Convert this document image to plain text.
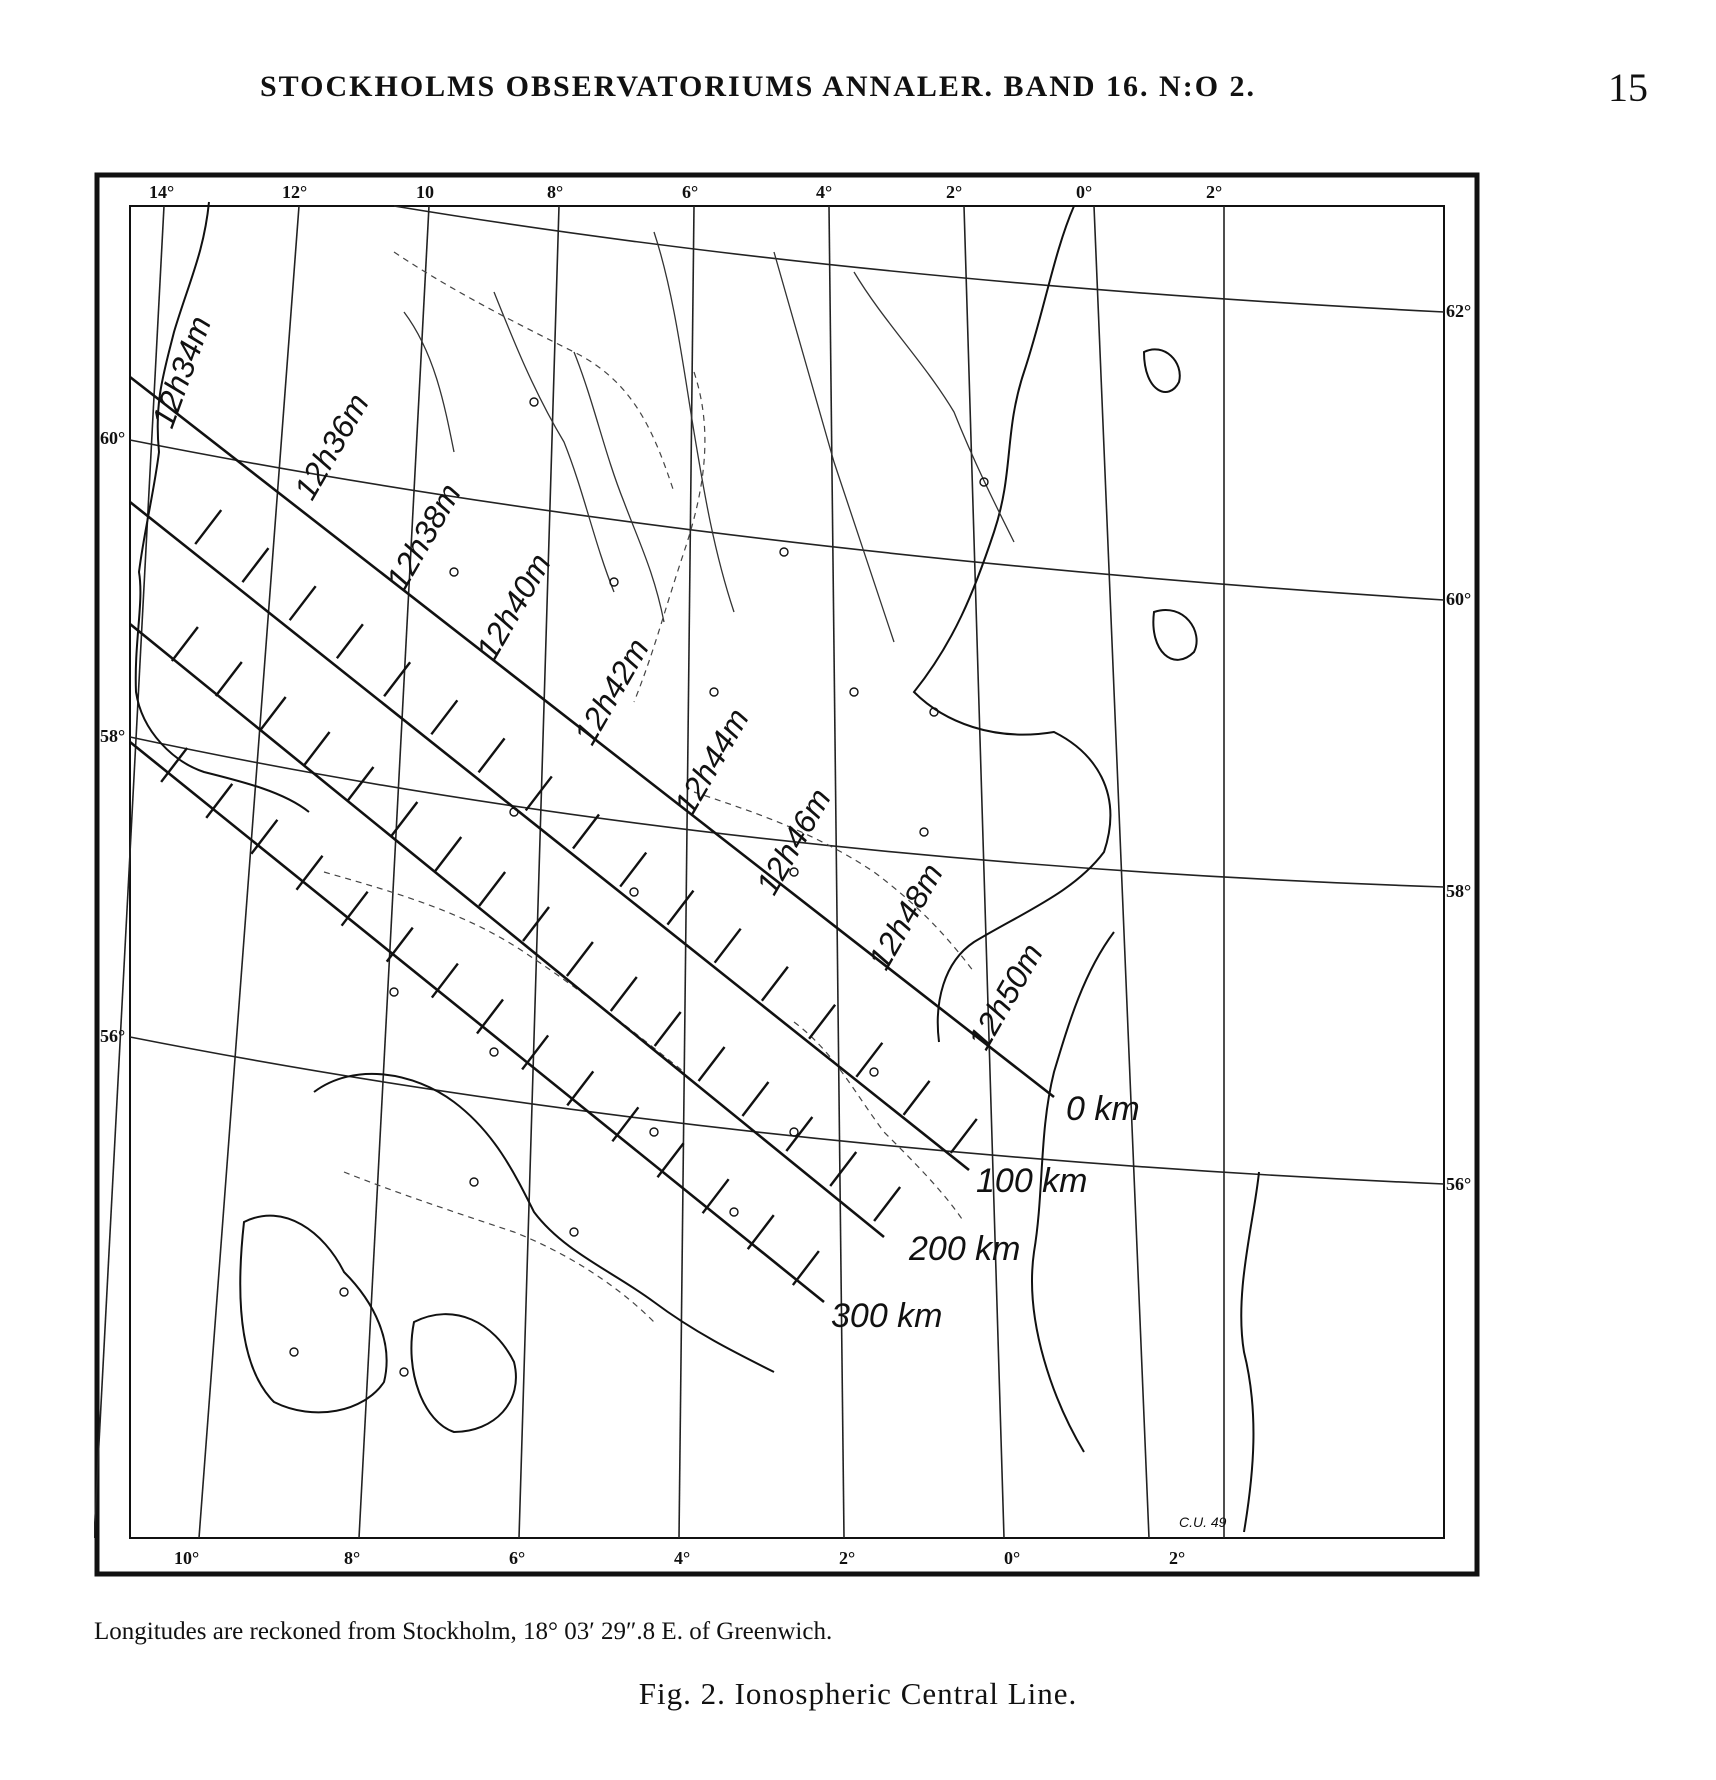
STOCKHOLMS OBSERVATORIUMS ANNALER. BAND 16. N:O 2.	15
14°	12°	10	8°	6°	4°	2°	0°	2°
10°	8°	6°	4°	2°	0°	2°
60°
58°
56°
62°
60°
58°
56°
0 km
100 km
200 km
300 km
12h34m
12h36m
12h38m
12h40m
12h42m
12h44m
12h46m
12h48m
12h50m
C.U. 49
Longitudes are reckoned from Stockholm, 18° 03′ 29″.8 E. of Greenwich.
Fig. 2. Ionospheric Central Line.
